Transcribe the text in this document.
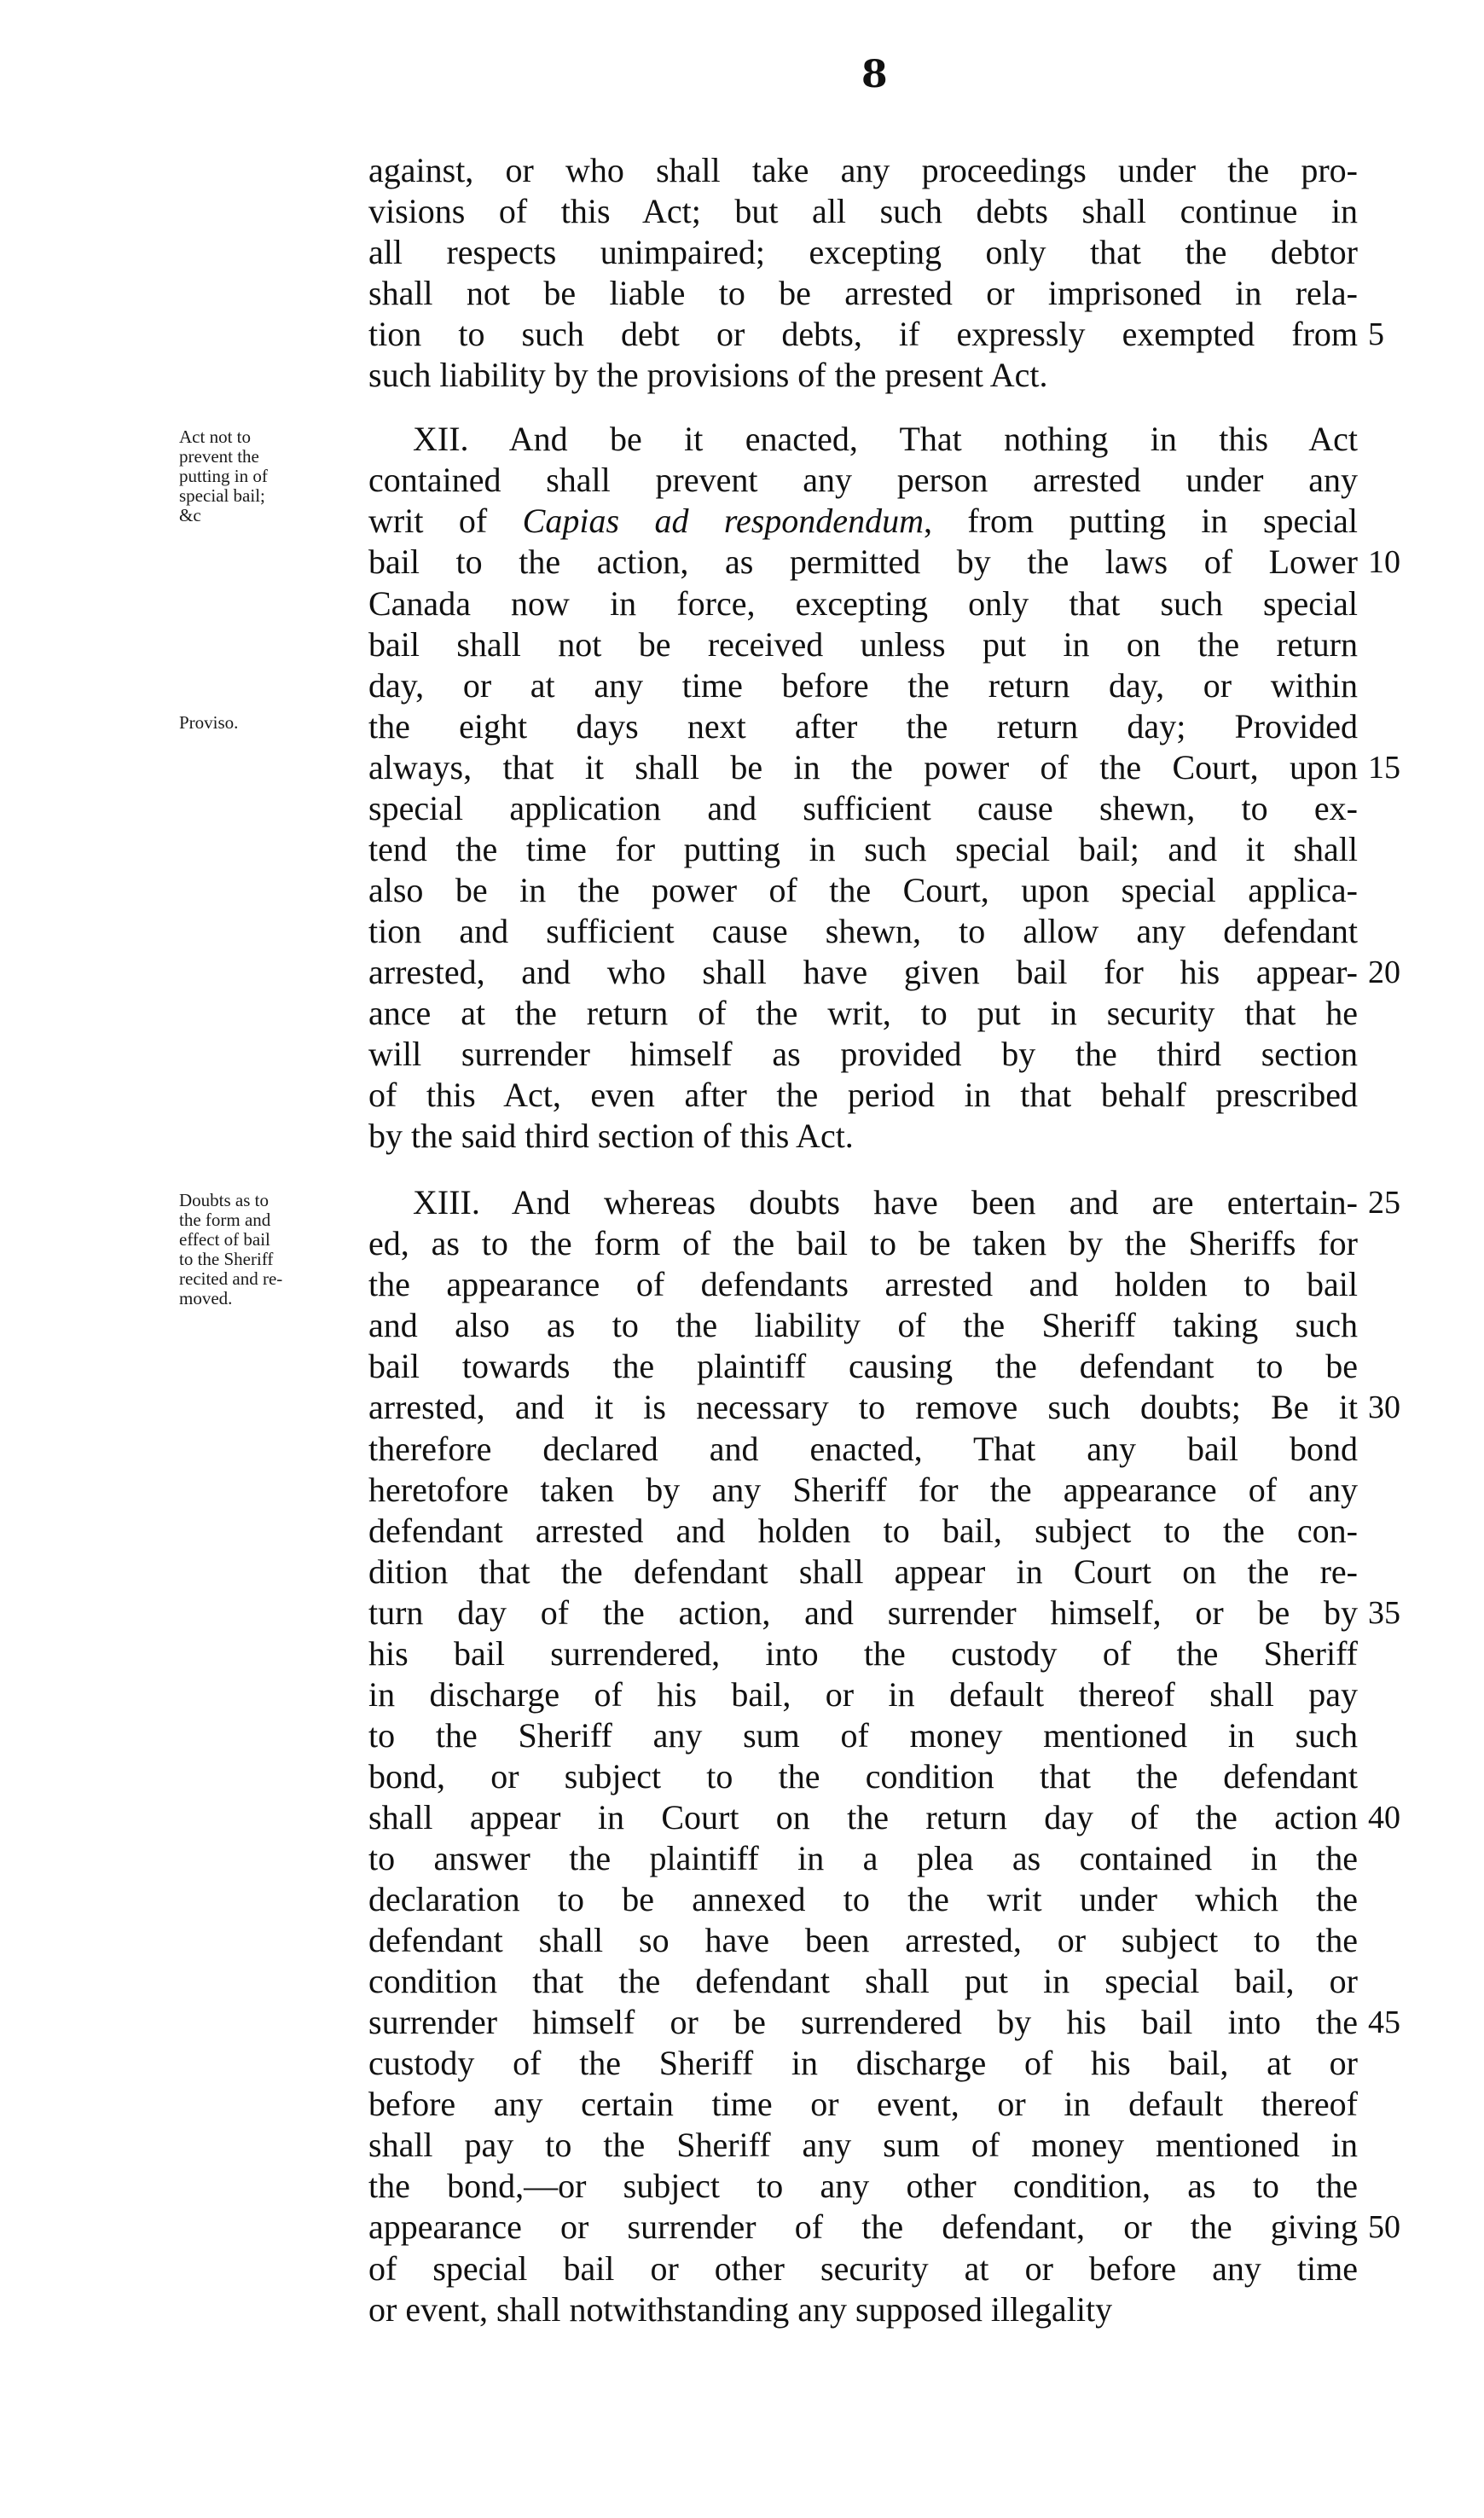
8
Act not to
prevent the
putting in of
special bail;
&c
Proviso.
Doubts as to
the form and
effect of bail
to the Sheriff
recited and re-
moved.
against, or who shall take any proceedings under the pro-
visions of this Act; but all such debts shall continue in
all respects unimpaired; excepting only that the debtor
shall not be liable to be arrested or imprisoned in rela-
tion to such debt or debts, if expressly exempted from
such liability by the provisions of the present Act.
XII. And be it enacted, That nothing in this Act
contained shall prevent any person arrested under any
writ of Capias ad respondendum, from putting in special
bail to the action, as permitted by the laws of Lower
Canada now in force, excepting only that such special
bail shall not be received unless put in on the return
day, or at any time before the return day, or within
the eight days next after the return day; Provided
always, that it shall be in the power of the Court, upon
special application and sufficient cause shewn, to ex-
tend the time for putting in such special bail; and it shall
also be in the power of the Court, upon special applica-
tion and sufficient cause shewn, to allow any defendant
arrested, and who shall have given bail for his appear-
ance at the return of the writ, to put in security that he
will surrender himself as provided by the third section
of this Act, even after the period in that behalf prescribed
by the said third section of this Act.
XIII. And whereas doubts have been and are entertain-
ed, as to the form of the bail to be taken by the Sheriffs for
the appearance of defendants arrested and holden to bail
and also as to the liability of the Sheriff taking such
bail towards the plaintiff causing the defendant to be
arrested, and it is necessary to remove such doubts; Be it
therefore declared and enacted, That any bail bond
heretofore taken by any Sheriff for the appearance of any
defendant arrested and holden to bail, subject to the con-
dition that the defendant shall appear in Court on the re-
turn day of the action, and surrender himself, or be by
his bail surrendered, into the custody of the Sheriff
in discharge of his bail, or in default thereof shall pay
to the Sheriff any sum of money mentioned in such
bond, or subject to the condition that the defendant
shall appear in Court on the return day of the action
to answer the plaintiff in a plea as contained in the
declaration to be annexed to the writ under which the
defendant shall so have been arrested, or subject to the
condition that the defendant shall put in special bail, or
surrender himself or be surrendered by his bail into the
custody of the Sheriff in discharge of his bail, at or
before any certain time or event, or in default thereof
shall pay to the Sheriff any sum of money mentioned in
the bond,—or subject to any other condition, as to the
appearance or surrender of the defendant, or the giving
of special bail or other security at or before any time
or event, shall notwithstanding any supposed illegality
5
10
15
20
25
30
35
40
45
50
